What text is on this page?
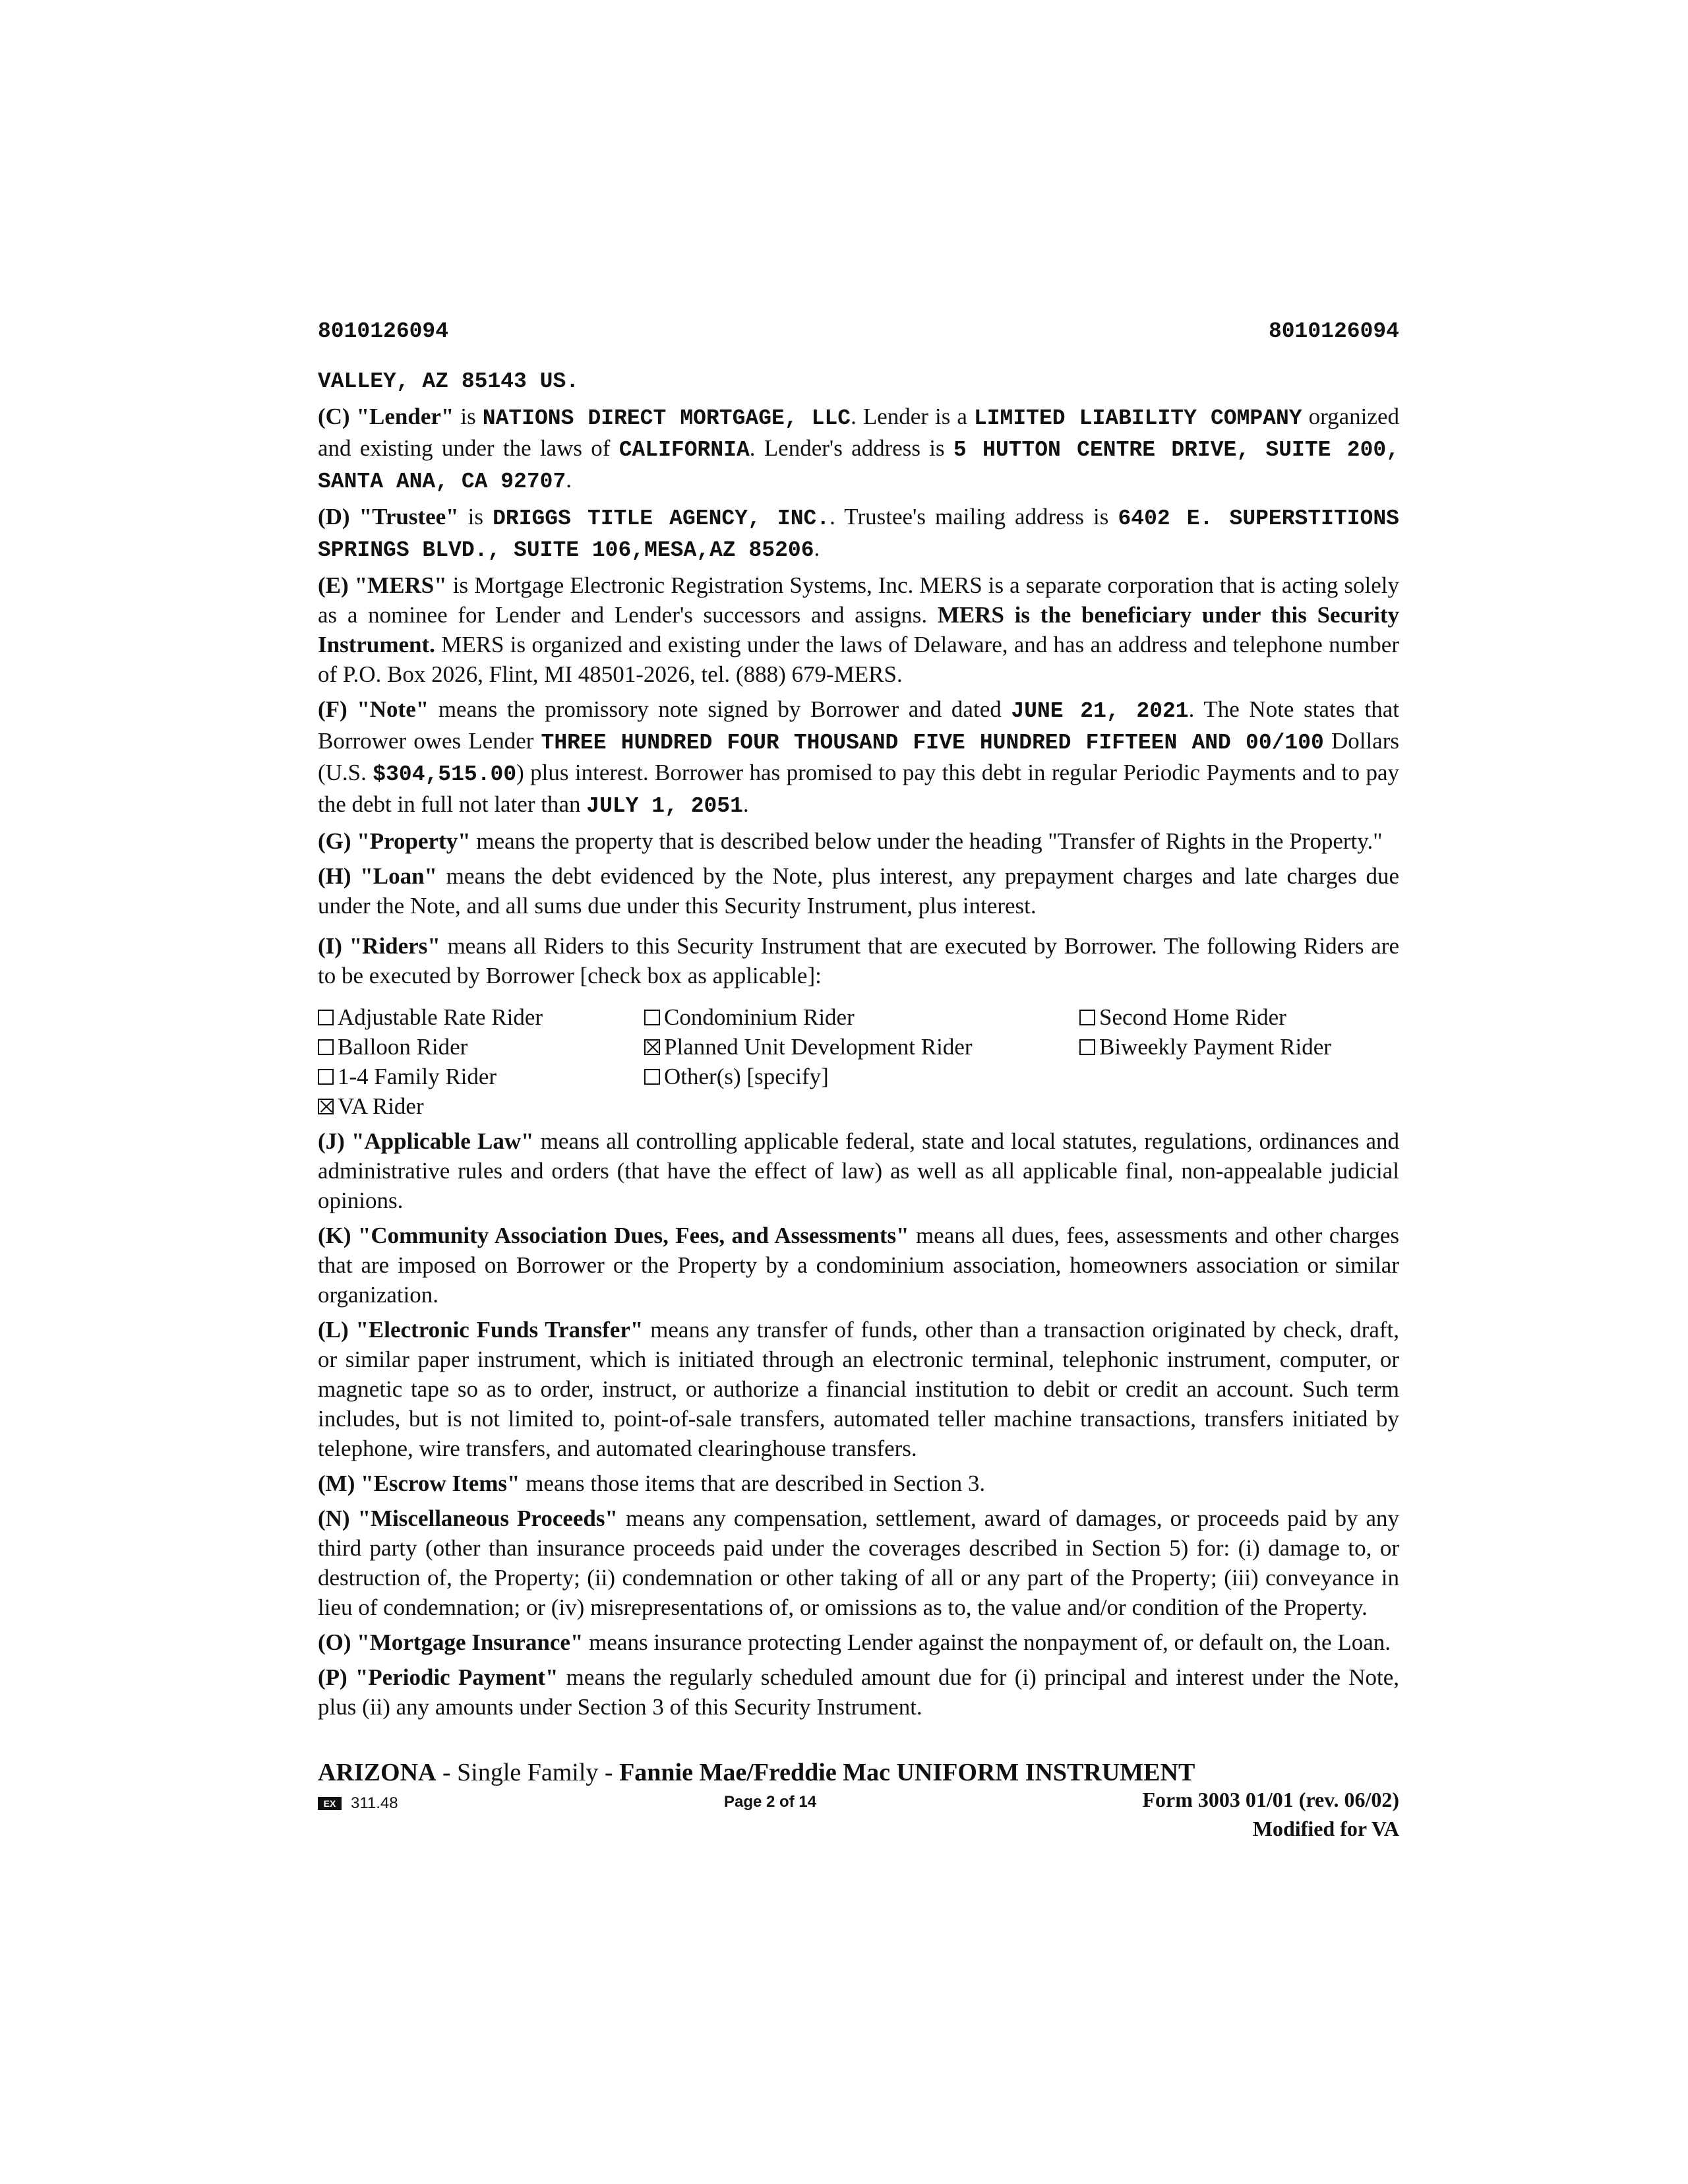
8010126094	8010126094

VALLEY, AZ 85143 US.

(C) "Lender" is NATIONS DIRECT MORTGAGE, LLC. Lender is a LIMITED LIABILITY COMPANY organized and existing under the laws of CALIFORNIA. Lender's address is 5 HUTTON CENTRE DRIVE, SUITE 200, SANTA ANA, CA 92707.

(D) "Trustee" is DRIGGS TITLE AGENCY, INC.. Trustee's mailing address is 6402 E. SUPERSTITIONS SPRINGS BLVD., SUITE 106,MESA,AZ 85206.

(E) "MERS" is Mortgage Electronic Registration Systems, Inc. MERS is a separate corporation that is acting solely as a nominee for Lender and Lender's successors and assigns. MERS is the beneficiary under this Security Instrument. MERS is organized and existing under the laws of Delaware, and has an address and telephone number of P.O. Box 2026, Flint, MI 48501-2026, tel. (888) 679-MERS.

(F) "Note" means the promissory note signed by Borrower and dated JUNE 21, 2021. The Note states that Borrower owes Lender THREE HUNDRED FOUR THOUSAND FIVE HUNDRED FIFTEEN AND 00/100 Dollars (U.S. $304,515.00) plus interest. Borrower has promised to pay this debt in regular Periodic Payments and to pay the debt in full not later than JULY 1, 2051.

(G) "Property" means the property that is described below under the heading "Transfer of Rights in the Property."

(H) "Loan" means the debt evidenced by the Note, plus interest, any prepayment charges and late charges due under the Note, and all sums due under this Security Instrument, plus interest.

(I) "Riders" means all Riders to this Security Instrument that are executed by Borrower. The following Riders are to be executed by Borrower [check box as applicable]:

Adjustable Rate Rider	Condominium Rider	Second Home Rider
Balloon Rider	Planned Unit Development Rider	Biweekly Payment Rider
1-4 Family Rider	Other(s) [specify]
VA Rider

(J) "Applicable Law" means all controlling applicable federal, state and local statutes, regulations, ordinances and administrative rules and orders (that have the effect of law) as well as all applicable final, non-appealable judicial opinions.

(K) "Community Association Dues, Fees, and Assessments" means all dues, fees, assessments and other charges that are imposed on Borrower or the Property by a condominium association, homeowners association or similar organization.

(L) "Electronic Funds Transfer" means any transfer of funds, other than a transaction originated by check, draft, or similar paper instrument, which is initiated through an electronic terminal, telephonic instrument, computer, or magnetic tape so as to order, instruct, or authorize a financial institution to debit or credit an account. Such term includes, but is not limited to, point-of-sale transfers, automated teller machine transactions, transfers initiated by telephone, wire transfers, and automated clearinghouse transfers.

(M) "Escrow Items" means those items that are described in Section 3.

(N) "Miscellaneous Proceeds" means any compensation, settlement, award of damages, or proceeds paid by any third party (other than insurance proceeds paid under the coverages described in Section 5) for: (i) damage to, or destruction of, the Property; (ii) condemnation or other taking of all or any part of the Property; (iii) conveyance in lieu of condemnation; or (iv) misrepresentations of, or omissions as to, the value and/or condition of the Property.

(O) "Mortgage Insurance" means insurance protecting Lender against the nonpayment of, or default on, the Loan.

(P) "Periodic Payment" means the regularly scheduled amount due for (i) principal and interest under the Note, plus (ii) any amounts under Section 3 of this Security Instrument.

ARIZONA - Single Family - Fannie Mae/Freddie Mac UNIFORM INSTRUMENT
EX 311.48	Page 2 of 14	Form 3003 01/01 (rev. 06/02)
Modified for VA
